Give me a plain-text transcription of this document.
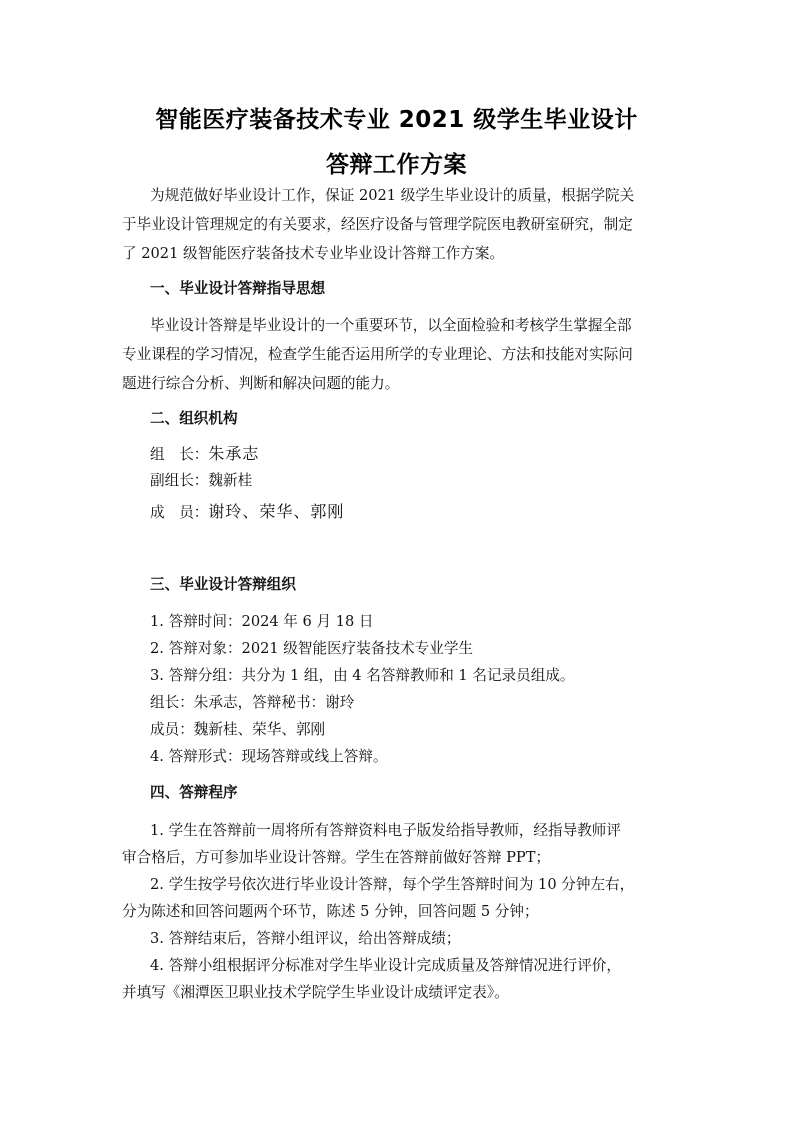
智能医疗装备技术专业 2021 级学生毕业设计
答辩工作方案
为规范做好毕业设计工作，保证 2021 级学生毕业设计的质量，根据学院关
于毕业设计管理规定的有关要求，经医疗设备与管理学院医电教研室研究，制定
了 2021 级智能医疗装备技术专业毕业设计答辩工作方案。
一、毕业设计答辩指导思想
毕业设计答辩是毕业设计的一个重要环节，以全面检验和考核学生掌握全部
专业课程的学习情况，检查学生能否运用所学的专业理论、方法和技能对实际问
题进行综合分析、判断和解决问题的能力。
二、组织机构
组　长：朱承志
副组长：魏新桂
成　员：谢玲、荣华、郭刚
三、毕业设计答辩组织
1. 答辩时间：2024 年 6 月 18 日
2. 答辩对象：2021 级智能医疗装备技术专业学生
3. 答辩分组：共分为 1 组，由 4 名答辩教师和 1 名记录员组成。
组长：朱承志，答辩秘书：谢玲
成员：魏新桂、荣华、郭刚
4. 答辩形式：现场答辩或线上答辩。
四、答辩程序
1. 学生在答辩前一周将所有答辩资料电子版发给指导教师，经指导教师评
审合格后，方可参加毕业设计答辩。学生在答辩前做好答辩 PPT；
2. 学生按学号依次进行毕业设计答辩，每个学生答辩时间为 10 分钟左右，
分为陈述和回答问题两个环节，陈述 5 分钟，回答问题 5 分钟；
3. 答辩结束后，答辩小组评议，给出答辩成绩；
4. 答辩小组根据评分标准对学生毕业设计完成质量及答辩情况进行评价，
并填写《湘潭医卫职业技术学院学生毕业设计成绩评定表》。
